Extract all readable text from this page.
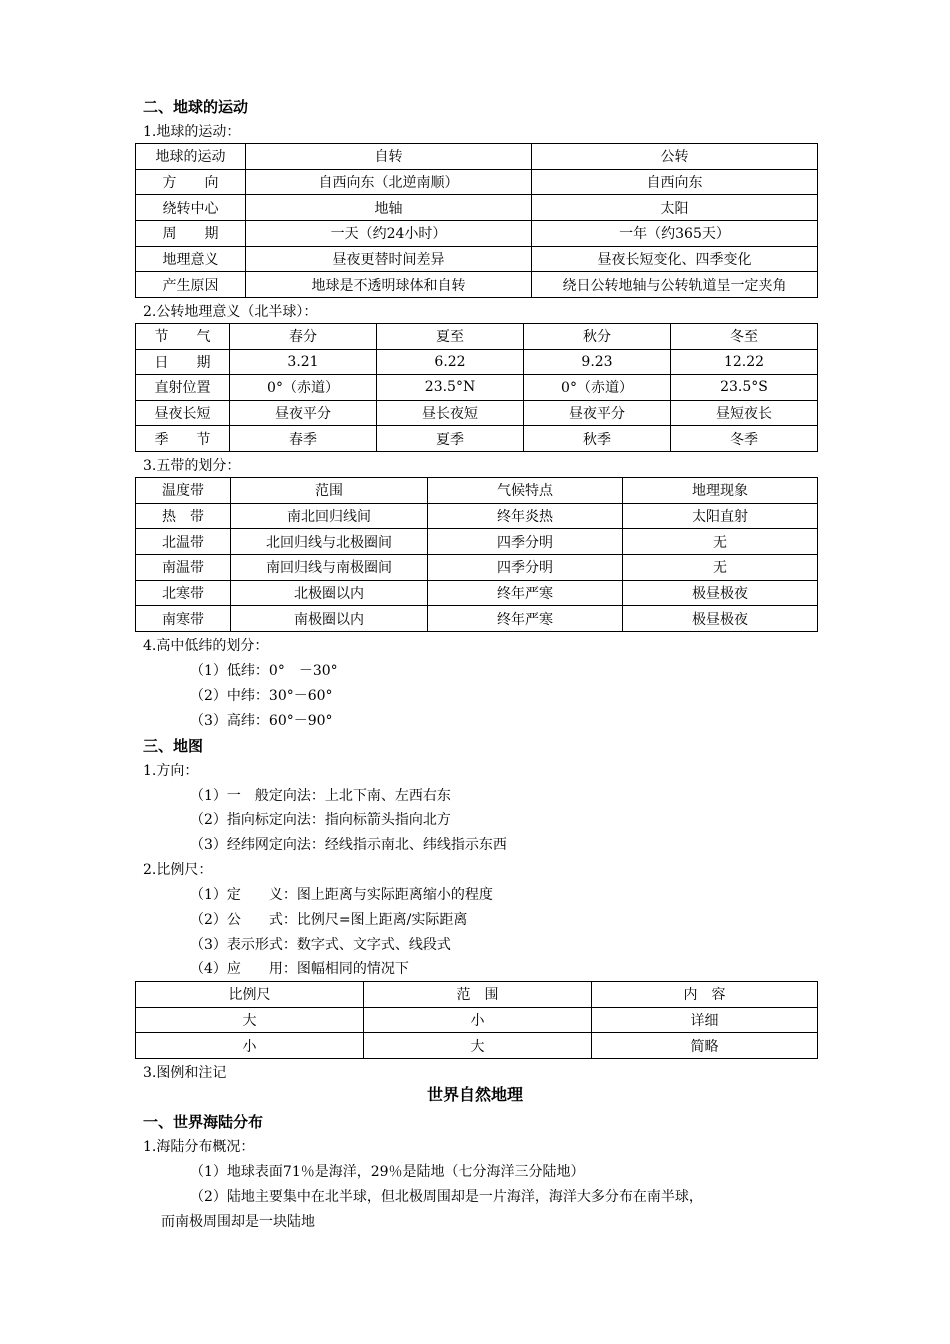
二、地球的运动
1.地球的运动：
地球的运动	自转	公转
方　　向	自西向东（北逆南顺）	自西向东
绕转中心	地轴	太阳
周　　期	一天（约24小时）	一年（约365天）
地理意义	昼夜更替时间差异	昼夜长短变化、四季变化
产生原因	地球是不透明球体和自转	绕日公转地轴与公转轨道呈一定夹角
2.公转地理意义（北半球）：
节　　气	春分	夏至	秋分	冬至
日　　期	3.21	6.22	9.23	12.22
直射位置	0°（赤道）	23.5°N	0°（赤道）	23.5°S
昼夜长短	昼夜平分	昼长夜短	昼夜平分	昼短夜长
季　　节	春季	夏季	秋季	冬季
3.五带的划分：
温度带	范围	气候特点	地理现象
热　带	南北回归线间	终年炎热	太阳直射
北温带	北回归线与北极圈间	四季分明	无
南温带	南回归线与南极圈间	四季分明	无
北寒带	北极圈以内	终年严寒	极昼极夜
南寒带	南极圈以内	终年严寒	极昼极夜
4.高中低纬的划分：
（1）低纬：0°　－30°
（2）中纬：30°－60°
（3）高纬：60°－90°
三、地图
1.方向：
（1）一　般定向法：上北下南、左西右东
（2）指向标定向法：指向标箭头指向北方
（3）经纬网定向法：经线指示南北、纬线指示东西
2.比例尺：
（1）定　　义：图上距离与实际距离缩小的程度
（2）公　　式：比例尺=图上距离/实际距离
（3）表示形式：数字式、文字式、线段式
（4）应　　用：图幅相同的情况下
比例尺	范　围	内　容
大	小	详细
小	大	简略
3.图例和注记
世界自然地理
一、世界海陆分布
1.海陆分布概况：
（1）地球表面71％是海洋，29％是陆地（七分海洋三分陆地）
（2）陆地主要集中在北半球，但北极周围却是一片海洋，海洋大多分布在南半球，
而南极周围却是一块陆地
